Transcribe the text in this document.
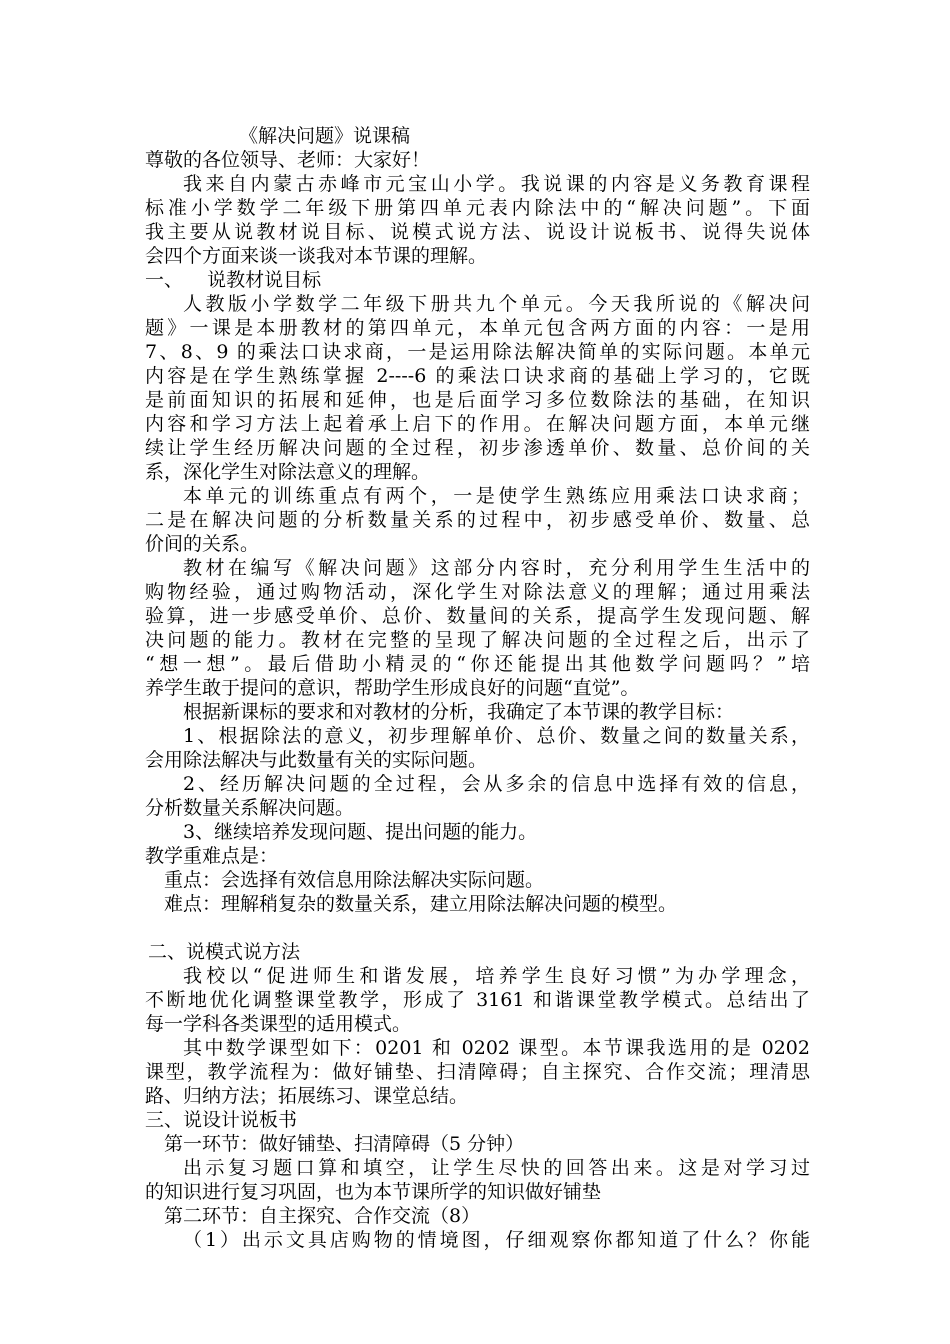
《解决问题》说课稿
尊敬的各位领导、老师：大家好！
我来自内蒙古赤峰市元宝山小学。我说课的内容是义务教育课程
标准小学数学二年级下册第四单元表内除法中的“解决问题”。下面
我主要从说教材说目标、说模式说方法、说设计说板书、说得失说体
会四个方面来谈一谈我对本节课的理解。
一、    说教材说目标
人教版小学数学二年级下册共九个单元。今天我所说的《解决问
题》一课是本册教材的第四单元，本单元包含两方面的内容：一是用
7、8、9 的乘法口诀求商，一是运用除法解决简单的实际问题。本单元
内容是在学生熟练掌握 2----6 的乘法口诀求商的基础上学习的，它既
是前面知识的拓展和延伸，也是后面学习多位数除法的基础，在知识
内容和学习方法上起着承上启下的作用。在解决问题方面，本单元继
续让学生经历解决问题的全过程，初步渗透单价、数量、总价间的关
系，深化学生对除法意义的理解。
本单元的训练重点有两个，一是使学生熟练应用乘法口诀求商；
二是在解决问题的分析数量关系的过程中，初步感受单价、数量、总
价间的关系。
教材在编写《解决问题》这部分内容时，充分利用学生生活中的
购物经验，通过购物活动，深化学生对除法意义的理解；通过用乘法
验算，进一步感受单价、总价、数量间的关系，提高学生发现问题、解
决问题的能力。教材在完整的呈现了解决问题的全过程之后，出示了
“想一想”。最后借助小精灵的“你还能提出其他数学问题吗？”培
养学生敢于提问的意识，帮助学生形成良好的问题“直觉”。
根据新课标的要求和对教材的分析，我确定了本节课的教学目标：
1、根据除法的意义，初步理解单价、总价、数量之间的数量关系，
会用除法解决与此数量有关的实际问题。
2、经历解决问题的全过程，会从多余的信息中选择有效的信息，
分析数量关系解决问题。
3、继续培养发现问题、提出问题的能力。
教学重难点是：
重点：会选择有效信息用除法解决实际问题。
难点：理解稍复杂的数量关系，建立用除法解决问题的模型。
二、说模式说方法
我校以“促进师生和谐发展，培养学生良好习惯”为办学理念，
不断地优化调整课堂教学，形成了 3161 和谐课堂教学模式。总结出了
每一学科各类课型的适用模式。
其中数学课型如下：0201 和 0202 课型。本节课我选用的是 0202
课型，教学流程为：做好铺垫、扫清障碍；自主探究、合作交流；理清思
路、归纳方法；拓展练习、课堂总结。
三、说设计说板书
第一环节：做好铺垫、扫清障碍（5 分钟）
出示复习题口算和填空，让学生尽快的回答出来。这是对学习过
的知识进行复习巩固，也为本节课所学的知识做好铺垫
第二环节：自主探究、合作交流（8）
（1）出示文具店购物的情境图，仔细观察你都知道了什么？你能
